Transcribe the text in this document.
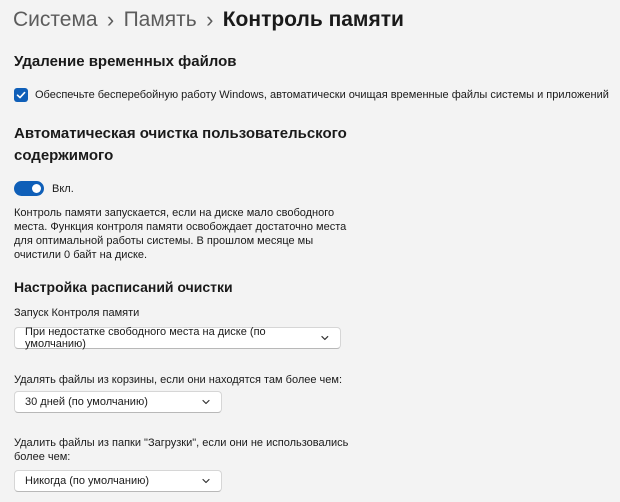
Система › Память › Контроль памяти
Удаление временных файлов
Обеспечьте бесперебойную работу Windows, автоматически очищая временные файлы системы и приложений
Автоматическая очистка пользовательского
содержимого
Вкл.
Контроль памяти запускается, если на диске мало свободного места. Функция контроля памяти освобождает достаточно места для оптимальной работы системы. В прошлом месяце мы очистили 0 байт на диске.
Настройка расписаний очистки
Запуск Контроля памяти
При недостатке свободного места на диске (по умолчанию)
Удалять файлы из корзины, если они находятся там более чем:
30 дней (по умолчанию)
Удалить файлы из папки "Загрузки", если они не использовались
более чем:
Никогда (по умолчанию)
